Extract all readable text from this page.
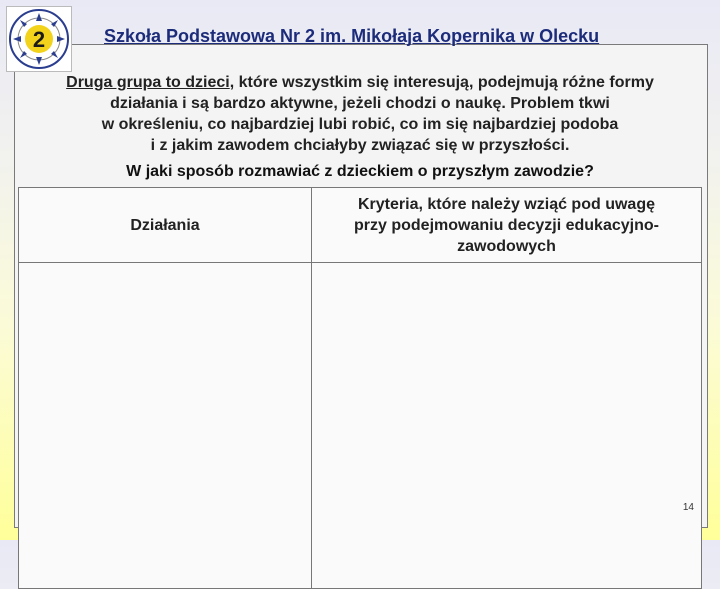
2	Szkoła Podstawowa Nr 2 im. Mikołaja Kopernika w Olecku
Druga grupa to dzieci, które wszystkim się interesują, podejmują różne formy
działania i są bardzo aktywne, jeżeli chodzi o naukę. Problem tkwi
w określeniu, co najbardziej lubi robić, co im się najbardziej podoba
i z jakim zawodem chciałyby związać się w przyszłości.
W jaki sposób rozmawiać z dzieckiem o przyszłym zawodzie?
Działania	Kryteria, które należy wziąć pod uwagę przy podejmowaniu decyzji edukacyjno-zawodowych

✓
✓
✓
✓
✓
✓
✓
✓
✓
✓
✓
14
